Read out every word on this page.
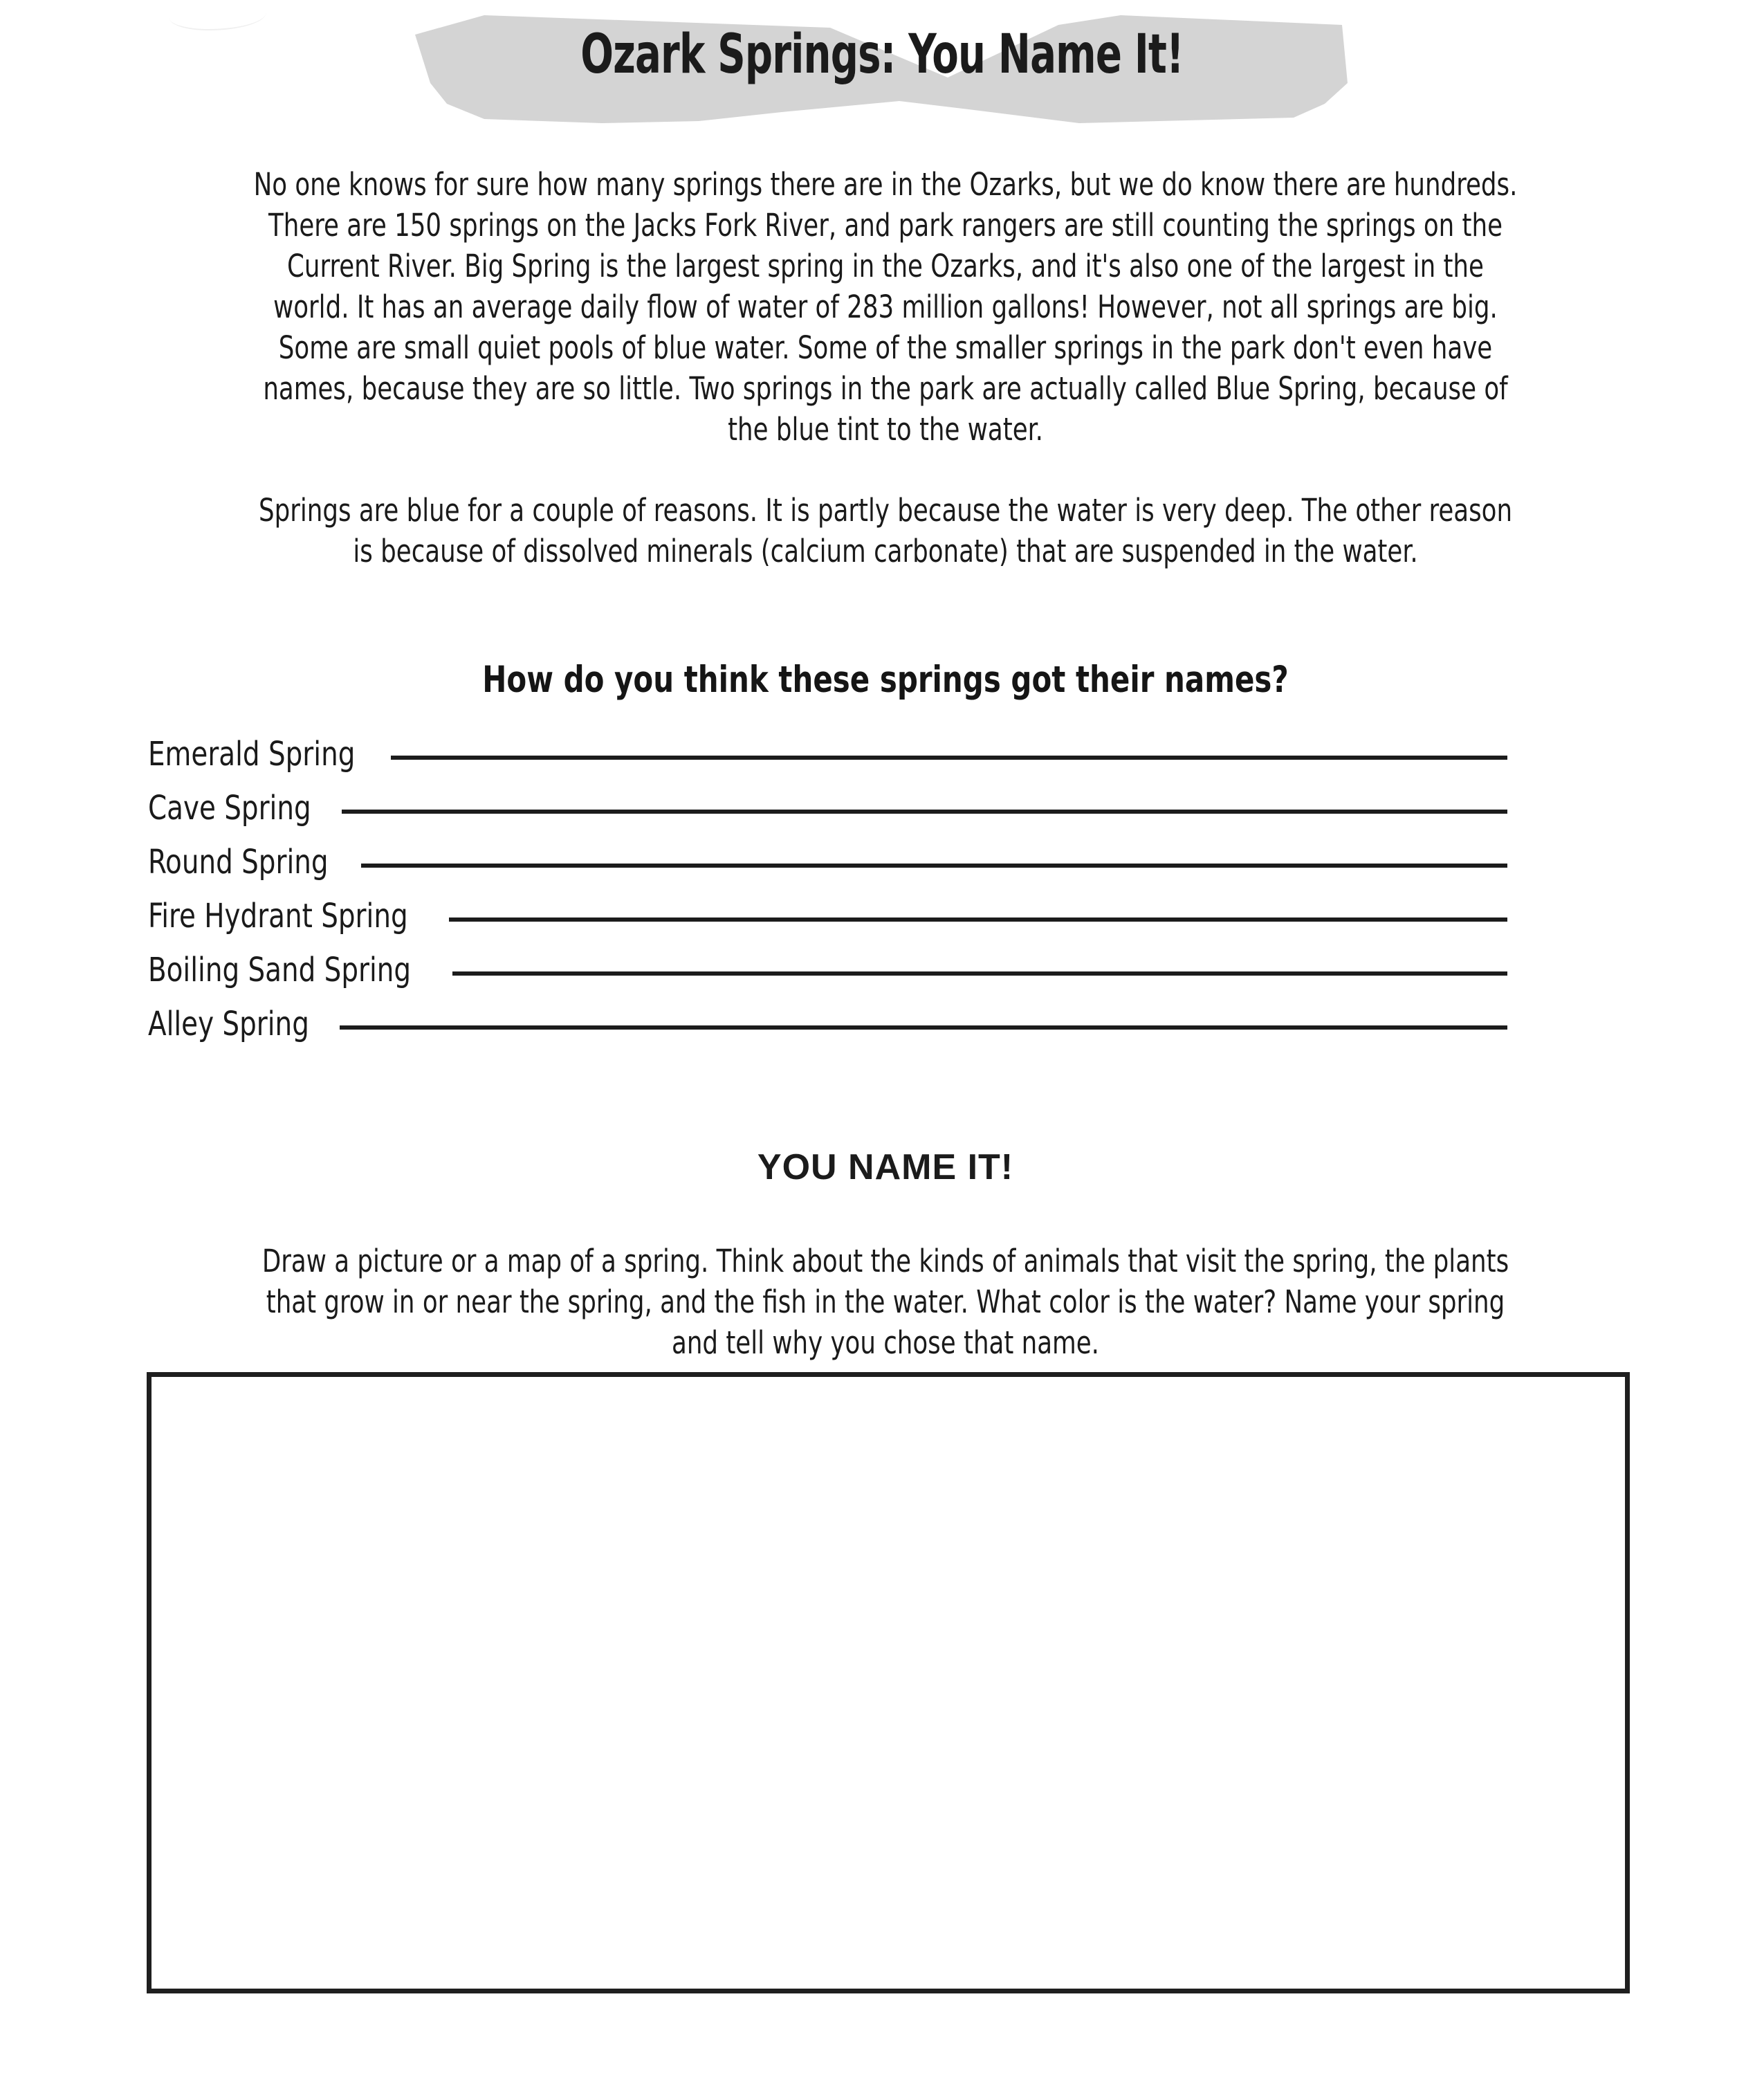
Ozark Springs: You Name It!

No one knows for sure how many springs there are in the Ozarks, but we do know there are hundreds. There are 150 springs on the Jacks Fork River, and park rangers are still counting the springs on the Current River. Big Spring is the largest spring in the Ozarks, and it's also one of the largest in the world. It has an average daily flow of water of 283 million gallons! However, not all springs are big. Some are small quiet pools of blue water. Some of the smaller springs in the park don't even have names, because they are so little. Two springs in the park are actually called Blue Spring, because of the blue tint to the water.

Springs are blue for a couple of reasons. It is partly because the water is very deep. The other reason is because of dissolved minerals (calcium carbonate) that are suspended in the water.

How do you think these springs got their names?
Emerald Spring
Cave Spring
Round Spring
Fire Hydrant Spring
Boiling Sand Spring
Alley Spring
YOU NAME IT!

Draw a picture or a map of a spring. Think about the kinds of animals that visit the spring, the plants that grow in or near the spring, and the fish in the water. What color is the water? Name your spring and tell why you chose that name.
